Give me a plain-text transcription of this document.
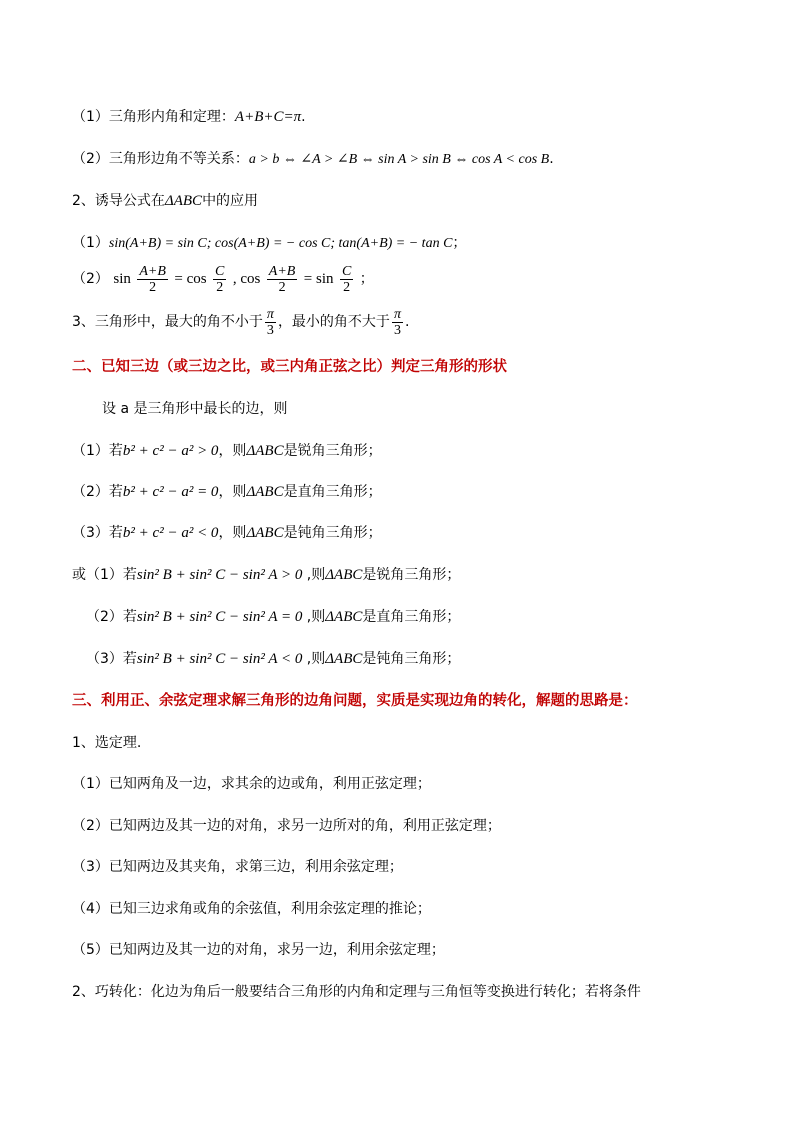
（1）三角形内角和定理：A+B+C=π.
（2）三角形边角不等关系：a > b ⇔ ∠A > ∠B ⇔ sin A > sin B ⇔ cos A < cos B.
2、诱导公式在ΔABC中的应用
（1）sin(A+B) = sin C; cos(A+B) = − cos C; tan(A+B) = − tan C；
（2） $\sin \frac{A+B}{2} = \cos \frac{C}{2}$ , $\cos \frac{A+B}{2} = \sin \frac{C}{2}$ ；
3、三角形中，最大的角不小于 $\frac{\pi}{3}$ ，最小的角不大于 $\frac{\pi}{3}$ .
二、已知三边（或三边之比，或三内角正弦之比）判定三角形的形状
设 a 是三角形中最长的边，则
（1）若b² + c² − a² > 0，则ΔABC是锐角三角形；
（2）若b² + c² − a² = 0，则ΔABC是直角三角形；
（3）若b² + c² − a² < 0，则ΔABC是钝角三角形；
或（1）若sin² B + sin² C − sin² A > 0 ,则ΔABC是锐角三角形；
（2）若sin² B + sin² C − sin² A = 0 ,则ΔABC是直角三角形；
（3）若sin² B + sin² C − sin² A < 0 ,则ΔABC是钝角三角形；
三、利用正、余弦定理求解三角形的边角问题，实质是实现边角的转化，解题的思路是：
1、选定理.
（1）已知两角及一边，求其余的边或角，利用正弦定理；
（2）已知两边及其一边的对角，求另一边所对的角，利用正弦定理；
（3）已知两边及其夹角，求第三边，利用余弦定理；
（4）已知三边求角或角的余弦值，利用余弦定理的推论；
（5）已知两边及其一边的对角，求另一边，利用余弦定理；
2、巧转化：化边为角后一般要结合三角形的内角和定理与三角恒等变换进行转化；若将条件
